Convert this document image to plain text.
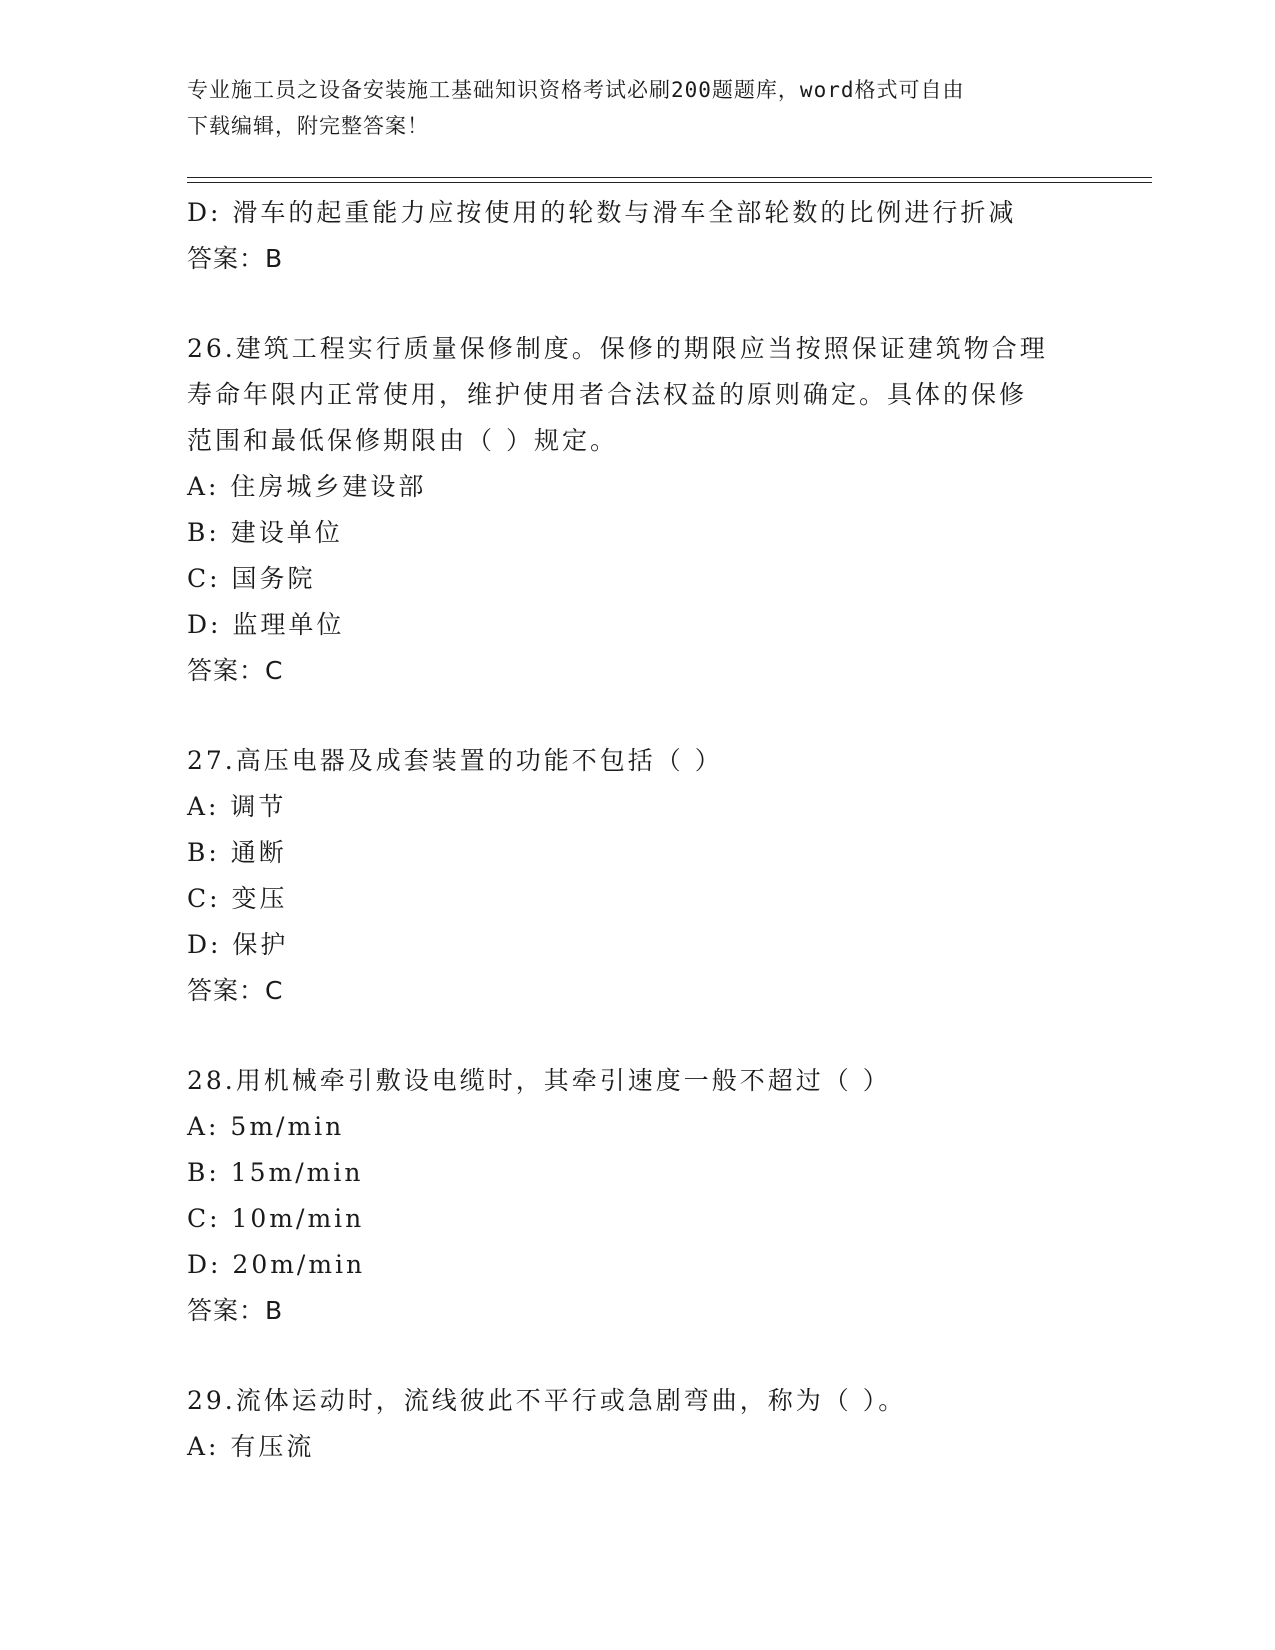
专业施工员之设备安装施工基础知识资格考试必刷200题题库，word格式可自由
下载编辑，附完整答案！
D: 滑车的起重能力应按使用的轮数与滑车全部轮数的比例进行折减
答案：B
26.建筑工程实行质量保修制度。保修的期限应当按照保证建筑物合理
寿命年限内正常使用，维护使用者合法权益的原则确定。具体的保修
范围和最低保修期限由（ ）规定。
A: 住房城乡建设部
B: 建设单位
C: 国务院
D: 监理单位
答案：C
27.高压电器及成套装置的功能不包括（ ）
A: 调节
B: 通断
C: 变压
D: 保护
答案：C
28.用机械牵引敷设电缆时，其牵引速度一般不超过（ ）
A: 5m/min
B: 15m/min
C: 10m/min
D: 20m/min
答案：B
29.流体运动时，流线彼此不平行或急剧弯曲，称为（ ）。
A: 有压流
